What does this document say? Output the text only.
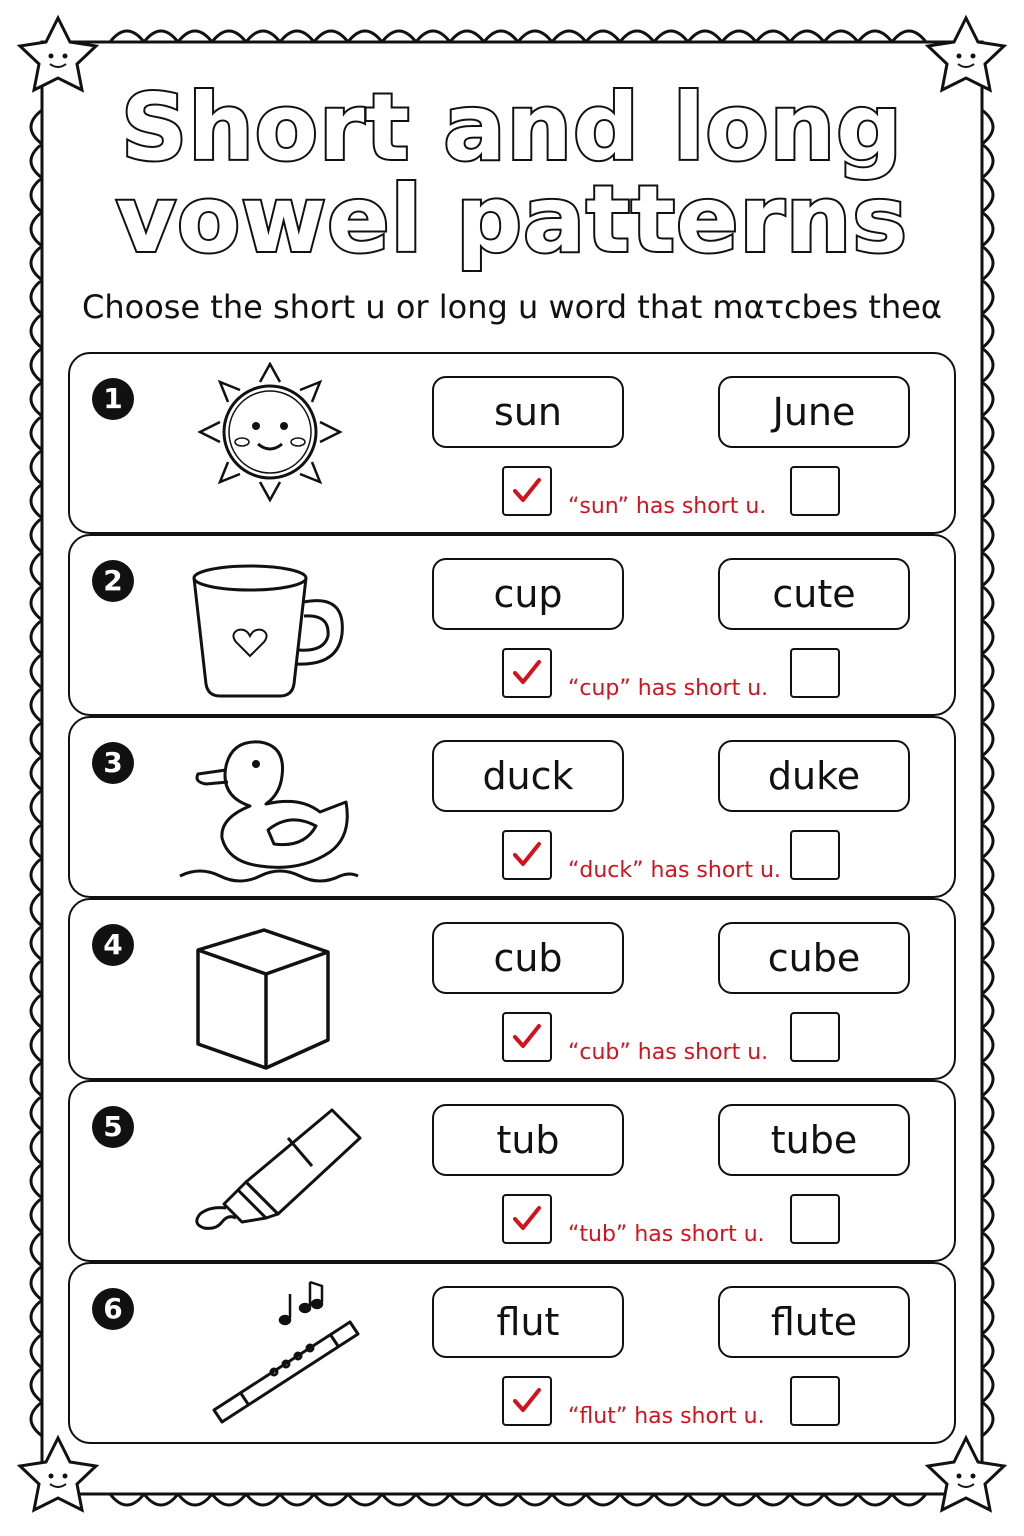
Short and long
vowel patterns
Choose the short u or long u word that mατcbes theα
1	sun	June
“sun” has short u.
2	cup	cute
“cup” has short u.
3	duck	duke
“duck” has short u.
4	cub	cube
“cub” has short u.
5	tub	tube
“tub” has short u.
6	flut	flute
“flut” has short u.
